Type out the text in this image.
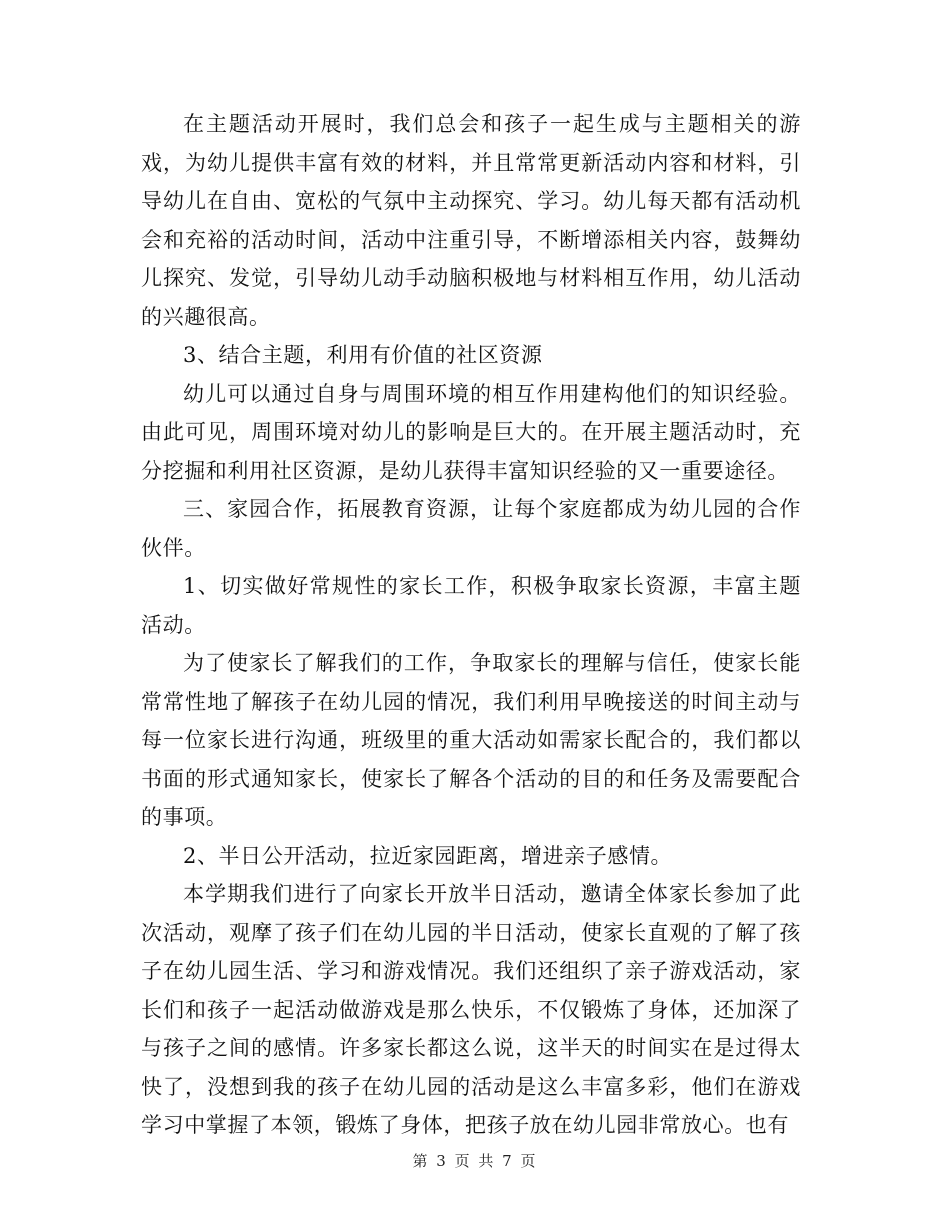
在主题活动开展时，我们总会和孩子一起生成与主题相关的游戏，为幼儿提供丰富有效的材料，并且常常更新活动内容和材料，引导幼儿在自由、宽松的气氛中主动探究、学习。幼儿每天都有活动机会和充裕的活动时间，活动中注重引导，不断增添相关内容，鼓舞幼儿探究、发觉，引导幼儿动手动脑积极地与材料相互作用，幼儿活动的兴趣很高。

3、结合主题，利用有价值的社区资源

幼儿可以通过自身与周围环境的相互作用建构他们的知识经验。由此可见，周围环境对幼儿的影响是巨大的。在开展主题活动时，充分挖掘和利用社区资源，是幼儿获得丰富知识经验的又一重要途径。

三、家园合作，拓展教育资源，让每个家庭都成为幼儿园的合作伙伴。

1、切实做好常规性的家长工作，积极争取家长资源，丰富主题活动。

为了使家长了解我们的工作，争取家长的理解与信任，使家长能常常性地了解孩子在幼儿园的情况，我们利用早晚接送的时间主动与每一位家长进行沟通，班级里的重大活动如需家长配合的，我们都以书面的形式通知家长，使家长了解各个活动的目的和任务及需要配合的事项。

2、半日公开活动，拉近家园距离，增进亲子感情。

本学期我们进行了向家长开放半日活动，邀请全体家长参加了此次活动，观摩了孩子们在幼儿园的半日活动，使家长直观的了解了孩子在幼儿园生活、学习和游戏情况。我们还组织了亲子游戏活动，家长们和孩子一起活动做游戏是那么快乐，不仅锻炼了身体，还加深了与孩子之间的感情。许多家长都这么说，这半天的时间实在是过得太快了，没想到我的孩子在幼儿园的活动是这么丰富多彩，他们在游戏学习中掌握了本领，锻炼了身体，把孩子放在幼儿园非常放心。也有

第 3 页 共 7 页
